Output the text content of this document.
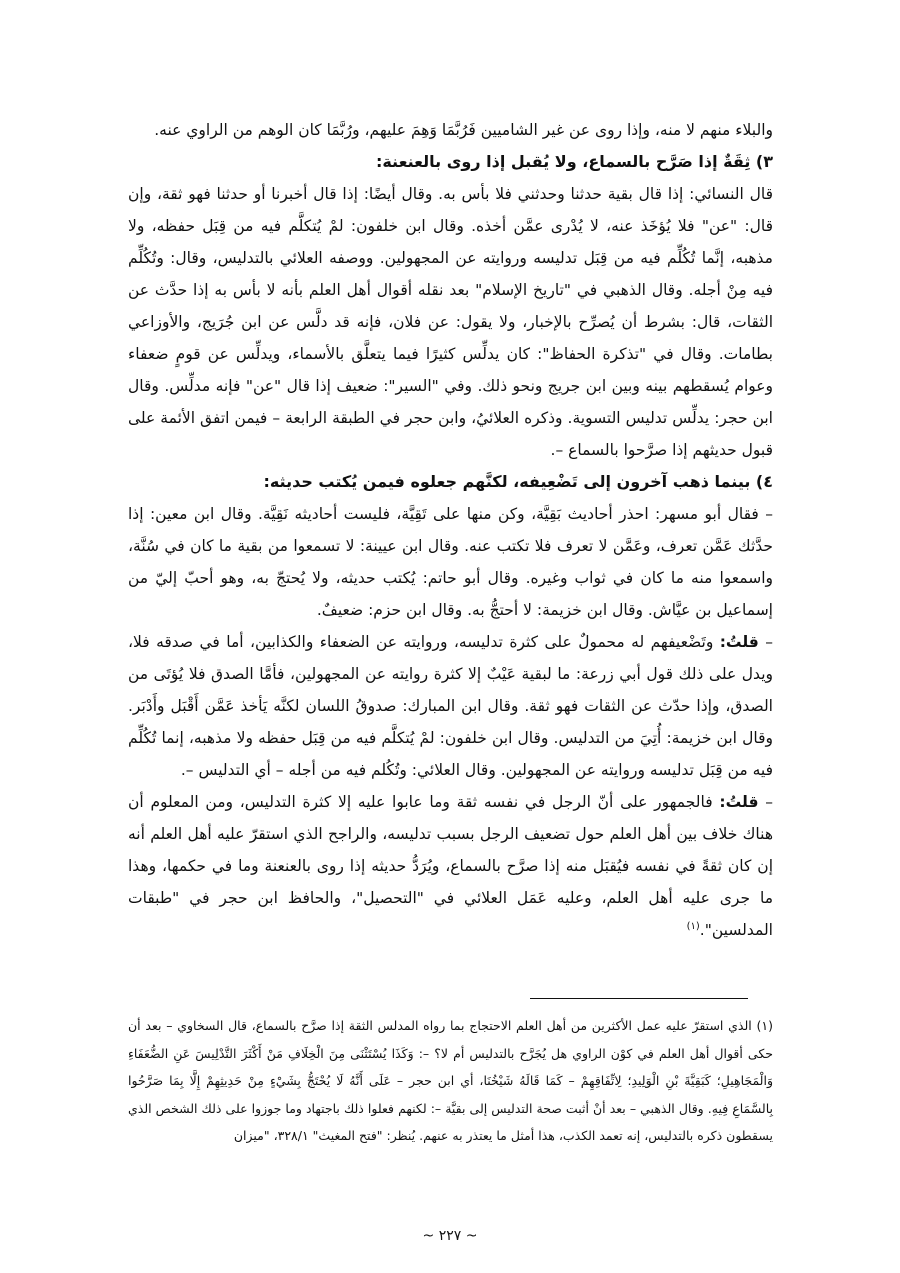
والبلاء منهم لا منه، وإذا روى عن غير الشاميين فَرُبَّمَا وَهِمَ عليهم، ورُبَّمَا كان الوهم من الراوي عنه.

٣) ثِقَةٌ إذا صَرَّح بالسماع، ولا يُقبل إذا روى بالعنعنة:

قال النسائي: إذا قال بقية حدثنا وحدثني فلا بأس به. وقال أيضًا: إذا قال أخبرنا أو حدثنا فهو ثقة، وإن قال: "عن" فلا يُؤخَذ عنه، لا يُدْرى عمَّن أخذه. وقال ابن خلفون: لمْ يُتكلَّم فيه من قِبَل حفظه، ولا مذهبه، إنَّما تُكُلِّم فيه من قِبَل تدليسه وروايته عن المجهولين. ووصفه العلائي بالتدليس، وقال: وتُكُلِّم فيه مِنْ أجله. وقال الذهبي في "تاريخ الإسلام" بعد نقله أقوال أهل العلم بأنه لا بأس به إذا حدَّث عن الثقات، قال: بشرط أن يُصرِّح بالإخبار، ولا يقول: عن فلان، فإنه قد دلَّس عن ابن جُرَيج، والأوزاعي بطامات. وقال في "تذكرة الحفاظ": كان يدلِّس كثيرًا فيما يتعلَّق بالأسماء، ويدلِّس عن قومٍ ضعفاء وعوام يُسقطهم بينه وبين ابن جريج ونحو ذلك. وفي "السير": ضعيف إذا قال "عن" فإنه مدلِّس. وقال ابن حجر: يدلِّس تدليس التسوية. وذكره العلائيُ، وابن حجر في الطبقة الرابعة – فيمن اتفق الأئمة على قبول حديثهم إذا صرَّحوا بالسماع –.

٤) بينما ذهب آخرون إلى تَضْعِيفه، لكنَّهم جعلوه فيمن يُكتب حديثه:

– فقال أبو مسهر: احذر أحاديث بَقِيَّة، وكن منها على تَقِيَّة، فليست أحاديثه نَقِيَّة. وقال ابن معين: إذا حدَّثك عَمَّن تعرف، وعَمَّن لا تعرف فلا تكتب عنه. وقال ابن عيينة: لا تسمعوا من بقية ما كان في سُنَّة، واسمعوا منه ما كان في ثواب وغيره. وقال أبو حاتم: يُكتب حديثه، ولا يُحتجّ به، وهو أحبّ إليّ من إسماعيل بن عيَّاش. وقال ابن خزيمة: لا أحتجُّ به. وقال ابن حزم: ضعيفٌ.

– قلتُ: وتَضْعيفهم له محمولٌ على كثرة تدليسه، وروايته عن الضعفاء والكذابين، أما في صدقه فلا، ويدل على ذلك قول أبي زرعة: ما لبقية عَيْبٌ إلا كثرة روايته عن المجهولين، فأمَّا الصدق فلا يُؤتَى من الصدق، وإذا حدّث عن الثقات فهو ثقة. وقال ابن المبارك: صدوقُ اللسان لكنَّه يَأخذ عَمَّن أَقْبَل وأَدْبَر. وقال ابن خزيمة: أُتِيَ من التدليس. وقال ابن خلفون: لمْ يُتكلَّم فيه من قِبَل حفظه ولا مذهبه، إنما تُكُلِّم فيه من قِبَل تدليسه وروايته عن المجهولين. وقال العلائي: وتُكُلم فيه من أجله – أي التدليس –.

– قلتُ: فالجمهور على أنّ الرجل في نفسه ثقة وما عابوا عليه إلا كثرة التدليس، ومن المعلوم أن هناك خلاف بين أهل العلم حول تضعيف الرجل بسبب تدليسه، والراجح الذي استقرّ عليه أهل العلم أنه إن كان ثقةً في نفسه فيُقبَل منه إذا صرَّح بالسماع، ويُرَدُّ حديثه إذا روى بالعنعنة وما في حكمها، وهذا ما جرى عليه أهل العلم، وعليه عَمَل العلائي في "التحصيل"، والحافظ ابن حجر في "طبقات المدلسين".$^{(١)}$

(١) الذي استقرّ عليه عمل الأكثرين من أهل العلم الاحتجاج بما رواه المدلس الثقة إذا صرَّح بالسماع، قال السخاوي – بعد أن حكى أقوال أهل العلم في كوْن الراوي هل يُجَرَّح بالتدليس أم لا؟ –: وَكَذَا يُسْتَثْنَى مِنَ الْخِلَافِ مَنْ أَكْثَرَ التَّدْلِيسَ عَنِ الضُّعَفَاءِ وَالْمَجَاهِيلِ؛ كَبَقِيَّةَ بْنِ الْوَلِيدِ؛ لِاتِّفَاقِهِمْ – كَمَا قَالَهُ شَيْخُنَا، أي ابن حجر – عَلَى أَنَّهُ لَا يُحْتَجُّ بِشَيْءٍ مِنْ حَدِيثِهِمْ إِلَّا بِمَا صَرَّحُوا بِالسَّمَاعِ فِيهِ. وقال الذهبي – بعد أنْ أثبت صحة التدليس إلى بقيَّة –: لكنهم فعلوا ذلك باجتهاد وما جوزوا على ذلك الشخص الذي يسقطون ذكره بالتدليس، إنه تعمد الكذب، هذا أمثل ما يعتذر به عنهم. يُنظر: "فتح المغيث" ٣٢٨/١، "ميزان

~ ٢٢٧ ~
